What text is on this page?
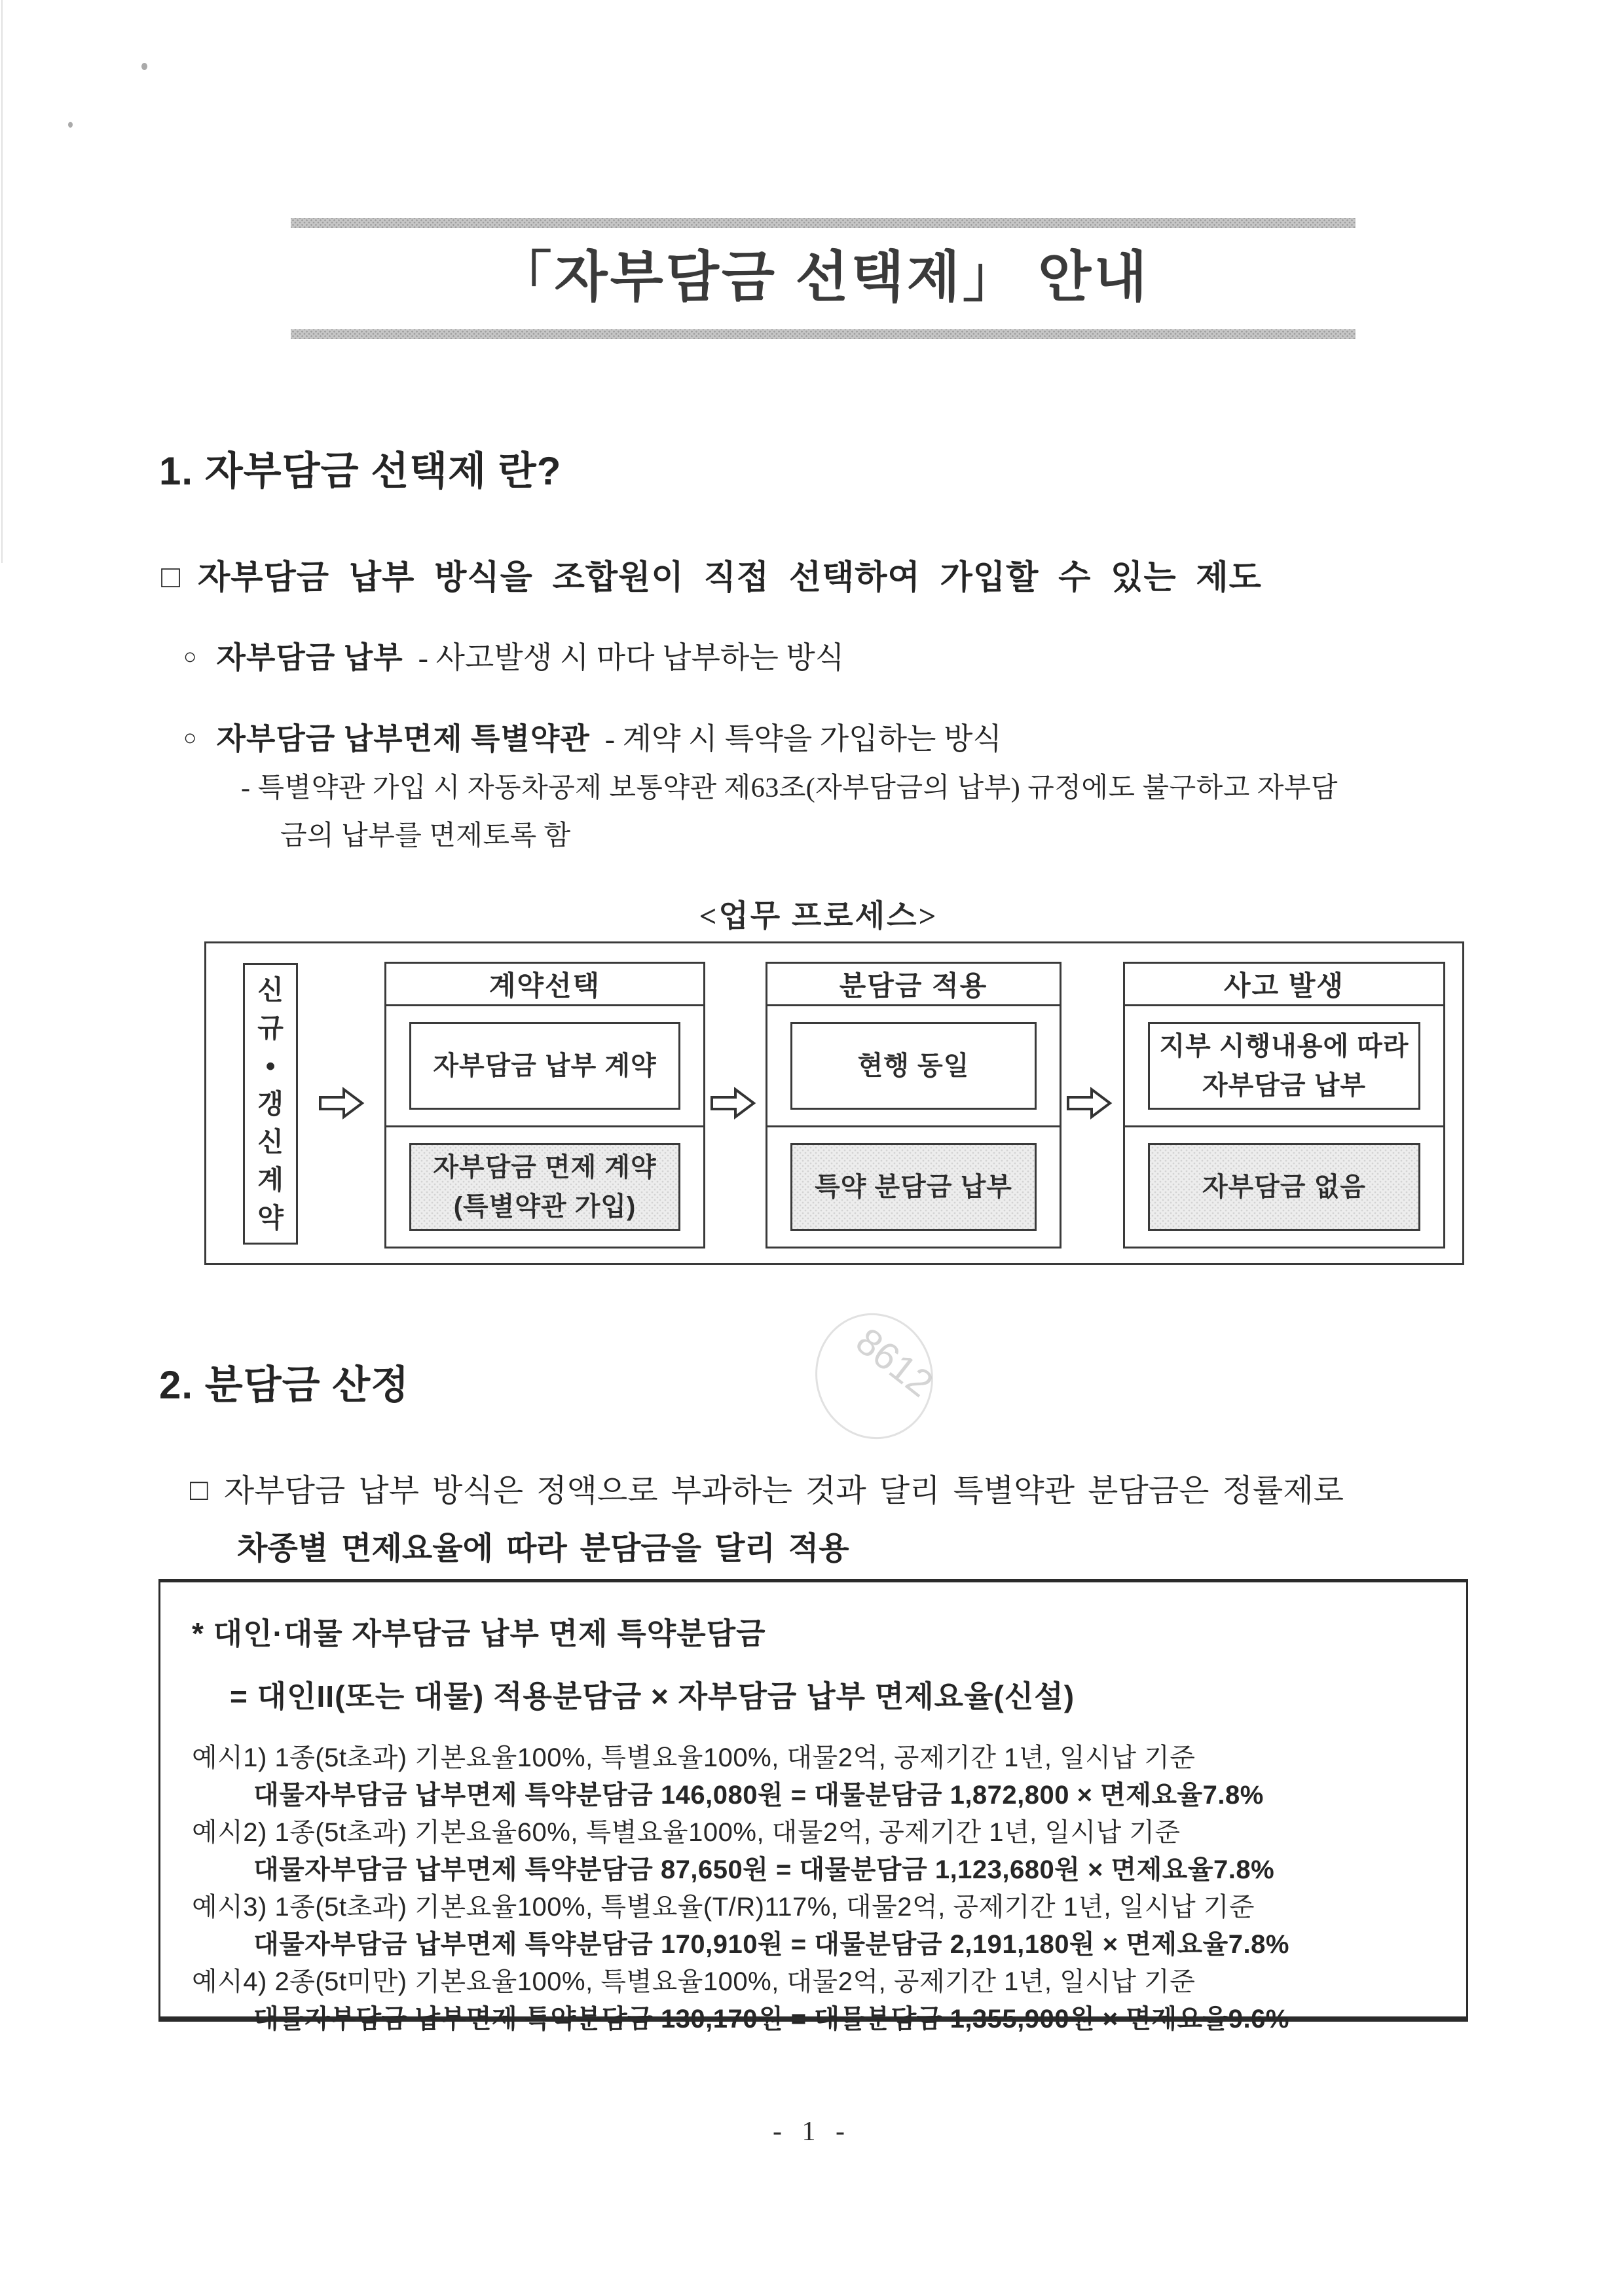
「자부담금 선택제」 안내
1. 자부담금 선택제 란?
□ 자부담금 납부 방식을 조합원이 직접 선택하여 가입할 수 있는 제도
○ 자부담금 납부 - 사고발생 시 마다 납부하는 방식
○ 자부담금 납부면제 특별약관 - 계약 시 특약을 가입하는 방식
- 특별약관 가입 시 자동차공제 보통약관 제63조(자부담금의 납부) 규정에도 불구하고 자부담
금의 납부를 면제토록 함
<업무 프로세스>
신
규
•
갱
신
계
약
계약선택
자부담금 납부 계약
자부담금 면제 계약
(특별약관 가입)
분담금 적용
현행 동일
특약 분담금 납부
사고 발생
지부 시행내용에 따라
자부담금 납부
자부담금 없음
2. 분담금 산정	8612
□ 자부담금 납부 방식은 정액으로 부과하는 것과 달리 특별약관 분담금은 정률제로
차종별 면제요율에 따라 분담금을 달리 적용
* 대인·대물 자부담금 납부 면제 특약분담금
= 대인II(또는 대물) 적용분담금 × 자부담금 납부 면제요율(신설)
예시1) 1종(5t초과) 기본요율100%, 특별요율100%, 대물2억, 공제기간 1년, 일시납 기준
대물자부담금 납부면제 특약분담금 146,080원 = 대물분담금 1,872,800 × 면제요율7.8%
예시2) 1종(5t초과) 기본요율60%, 특별요율100%, 대물2억, 공제기간 1년, 일시납 기준
대물자부담금 납부면제 특약분담금 87,650원 = 대물분담금 1,123,680원 × 면제요율7.8%
예시3) 1종(5t초과) 기본요율100%, 특별요율(T/R)117%, 대물2억, 공제기간 1년, 일시납 기준
대물자부담금 납부면제 특약분담금 170,910원 = 대물분담금 2,191,180원 × 면제요율7.8%
예시4) 2종(5t미만) 기본요율100%, 특별요율100%, 대물2억, 공제기간 1년, 일시납 기준
대물자부담금 납부면제 특약분담금 130,170원 = 대물분담금 1,355,900원 × 면제요율9.6%
- 1 -
